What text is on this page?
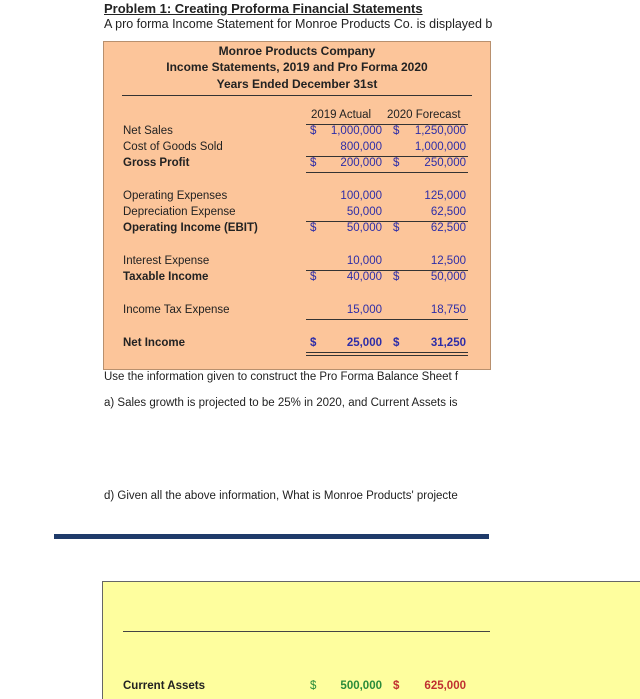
Problem 1: Creating Proforma Financial Statements
A pro forma Income Statement for Monroe Products Co. is displayed b
Monroe Products Company
Income Statements, 2019 and Pro Forma 2020
Years Ended December 31st
2019 Actual 2020 Forecast
Net Sales	$	1,000,000 $	1,250,000
Cost of Goods Sold	800,000	1,000,000
Gross Profit	$	200,000 $	250,000
Operating Expenses	100,000	125,000
Depreciation Expense	50,000	62,500
Operating Income (EBIT)	$	50,000 $	62,500
Interest Expense	10,000	12,500
Taxable Income	$	40,000 $	50,000
Income Tax Expense	15,000	18,750
Net Income	$	25,000 $	31,250
Use the information given to construct the Pro Forma Balance Sheet f
a) Sales growth is projected to be 25% in 2020, and Current Assets is
d) Given all the above information, What is Monroe Products' projecte
Current Assets	$	500,000 $	625,000
